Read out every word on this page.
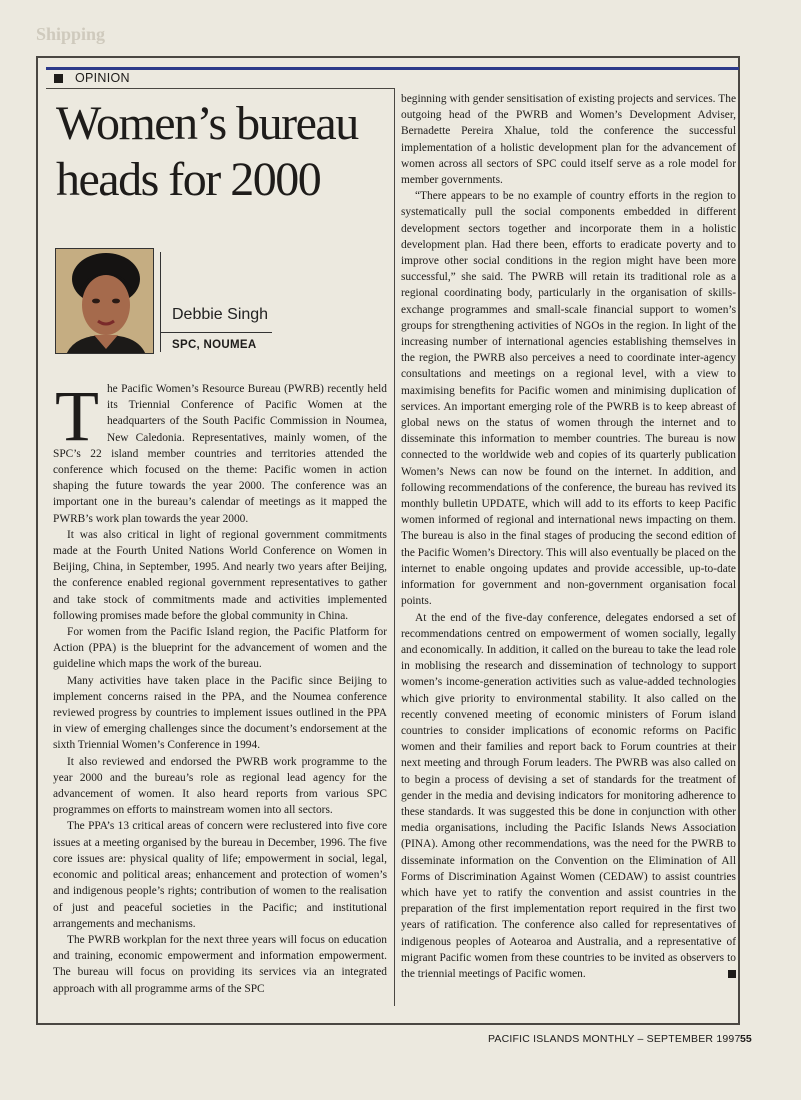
Shipping
OPINION
Women’s bureau heads for 2000
Debbie Singh
SPC, NOUMEA

The Pacific Women’s Resource Bureau (PWRB) recently held its Triennial Conference of Pacific Women at the headquarters of the South Pacific Commission in Noumea, New Caledonia. Representatives, mainly women, of the SPC’s 22 island member countries and territories attended the conference which focused on the theme: Pacific women in action shaping the future towards the year 2000. The conference was an important one in the bureau’s calendar of meetings as it mapped the PWRB’s work plan towards the year 2000.

It was also critical in light of regional government commitments made at the Fourth United Nations World Conference on Women in Beijing, China, in September, 1995. And nearly two years after Beijing, the conference enabled regional government representatives to gather and take stock of commitments made and activities implemented following promises made before the global community in China.

For women from the Pacific Island region, the Pacific Platform for Action (PPA) is the blueprint for the advancement of women and the guideline which maps the work of the bureau.

Many activities have taken place in the Pacific since Beijing to implement concerns raised in the PPA, and the Noumea conference reviewed progress by countries to implement issues outlined in the PPA in view of emerging challenges since the document’s endorsement at the sixth Triennial Women’s Conference in 1994.

It also reviewed and endorsed the PWRB work programme to the year 2000 and the bureau’s role as regional lead agency for the advancement of women. It also heard reports from various SPC programmes on efforts to mainstream women into all sectors.

The PPA’s 13 critical areas of concern were reclustered into five core issues at a meeting organised by the bureau in December, 1996. The five core issues are: physical quality of life; empowerment in social, legal, economic and political areas; enhancement and protection of women’s and indigenous people’s rights; contribution of women to the realisation of just and peaceful societies in the Pacific; and institutional arrangements and mechanisms.

The PWRB workplan for the next three years will focus on education and training, economic empowerment and information empowerment. The bureau will focus on providing its services via an integrated approach with all programme arms of the SPC

beginning with gender sensitisation of existing projects and services. The outgoing head of the PWRB and Women’s Development Adviser, Bernadette Pereira Xhalue, told the conference the successful implementation of a holistic development plan for the advancement of women across all sectors of SPC could itself serve as a role model for member governments.

“There appears to be no example of country efforts in the region to systematically pull the social components embedded in different development sectors together and incorporate them in a holistic development plan. Had there been, efforts to eradicate poverty and to improve other social conditions in the region might have been more successful,” she said. The PWRB will retain its traditional role as a regional coordinating body, particularly in the organisation of skills-exchange programmes and small-scale financial support to women’s groups for strengthening activities of NGOs in the region. In light of the increasing number of international agencies establishing themselves in the region, the PWRB also perceives a need to coordinate inter-agency consultations and meetings on a regional level, with a view to maximising benefits for Pacific women and minimising duplication of services. An important emerging role of the PWRB is to keep abreast of global news on the status of women through the internet and to disseminate this information to member countries. The bureau is now connected to the worldwide web and copies of its quarterly publication Women’s News can now be found on the internet. In addition, and following recommendations of the conference, the bureau has revived its monthly bulletin UPDATE, which will add to its efforts to keep Pacific women informed of regional and international news impacting on them. The bureau is also in the final stages of producing the second edition of the Pacific Women’s Directory. This will also eventually be placed on the internet to enable ongoing updates and provide accessible, up-to-date information for government and non-government organisation focal points.

At the end of the five-day conference, delegates endorsed a set of recommendations centred on empowerment of women socially, legally and economically. In addition, it called on the bureau to take the lead role in moblising the research and dissemination of technology to support women’s income-generation activities such as value-added technologies which give priority to environmental stability. It also called on the recently convened meeting of economic ministers of Forum island countries to consider implications of economic reforms on Pacific women and their families and report back to Forum countries at their next meeting and through Forum leaders. The PWRB was also called on to begin a process of devising a set of standards for the treatment of gender in the media and devising indicators for monitoring adherence to these standards. It was suggested this be done in conjunction with other media organisations, including the Pacific Islands News Association (PINA). Among other recommendations, was the need for the PWRB to disseminate information on the Convention on the Elimination of All Forms of Discrimination Against Women (CEDAW) to assist countries which have yet to ratify the convention and assist countries in the preparation of the first implementation report required in the first two years of ratification. The conference also called for representatives of indigenous peoples of Aotearoa and Australia, and a representative of migrant Pacific women from these countries to be invited as observers to the triennial meetings of Pacific women.

PACIFIC ISLANDS MONTHLY – SEPTEMBER 1997 55
